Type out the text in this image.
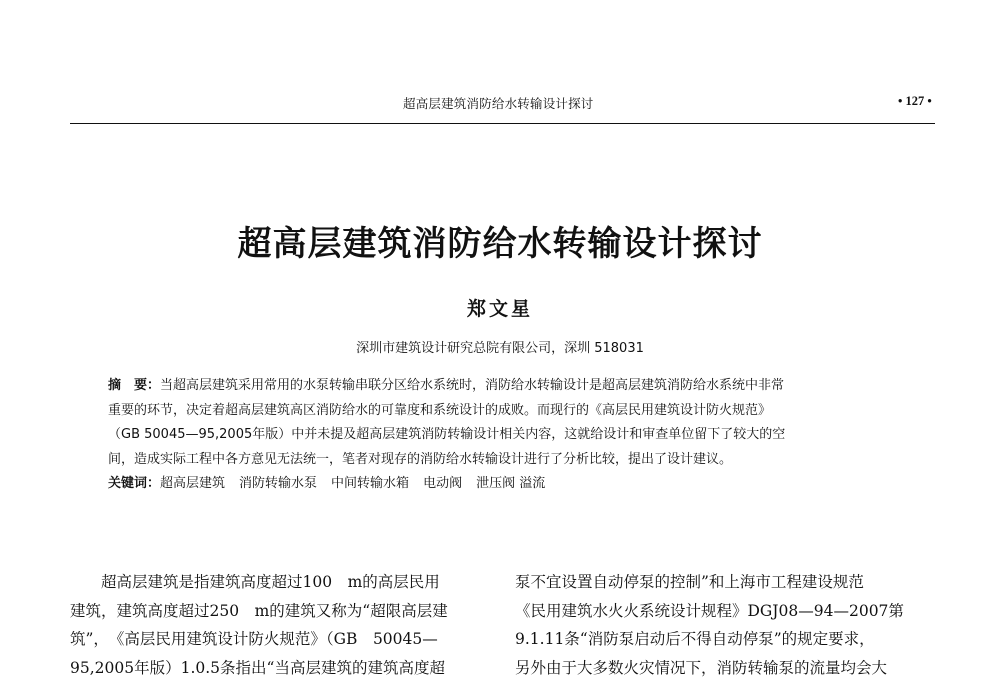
超高层建筑消防给水转输设计探讨	• 127 •
超高层建筑消防给水转输设计探讨
郑文星
深圳市建筑设计研究总院有限公司，深圳 518031
摘　要：当超高层建筑采用常用的水泵转输串联分区给水系统时，消防给水转输设计是超高层建筑消防给水系统中非常
重要的环节，决定着超高层建筑高区消防给水的可靠度和系统设计的成败。而现行的《高层民用建筑设计防火规范》
（GB 50045—95,2005年版）中并未提及超高层建筑消防转输设计相关内容，这就给设计和审查单位留下了较大的空
间，造成实际工程中各方意见无法统一，笔者对现存的消防给水转输设计进行了分析比较，提出了设计建议。
关键词：超高层建筑 消防转输水泵 中间转输水箱 电动阀 泄压阀 溢流
　　超高层建筑是指建筑高度超过100　m的高层民用
建筑，建筑高度超过250　m的建筑又称为“超限高层建
筑”，　《高层民用建筑设计防火规范》（GB　50045—
95,2005年版）1.0.5条指出“当高层建筑的建筑高度超
泵不宜设置自动停泵的控制”和上海市工程建设规范
《民用建筑水火火系统设计规程》DGJ08—94—2007第
9.1.11条“消防泵启动后不得自动停泵”的规定要求，
另外由于大多数火灾情况下，消防转输泵的流量均会大
